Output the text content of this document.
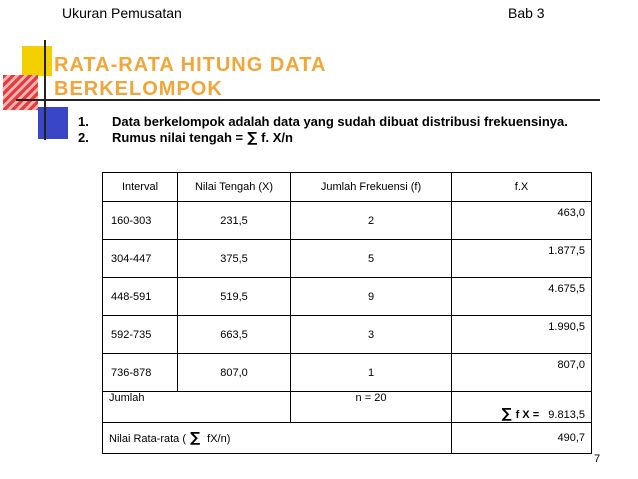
Ukuran Pemusatan	Bab 3
RATA-RATA HITUNG DATA
BERKELOMPOK
1.	Data berkelompok adalah data yang sudah dibuat distribusi frekuensinya.
2.	Rumus nilai tengah = ∑ f. X/n
Interval	Nilai Tengah (X)	Jumlah Frekuensi (f)	f.X
160-303	231,5	2	463,0
304-447	375,5	5	1.877,5
448-591	519,5	9	4.675,5
592-735	663,5	3	1.990,5
736-878	807,0	1	807,0
Jumlah		n = 20	∑ f X = 9.813,5
Nilai Rata-rata ( ∑ fX/n)			490,7
7
